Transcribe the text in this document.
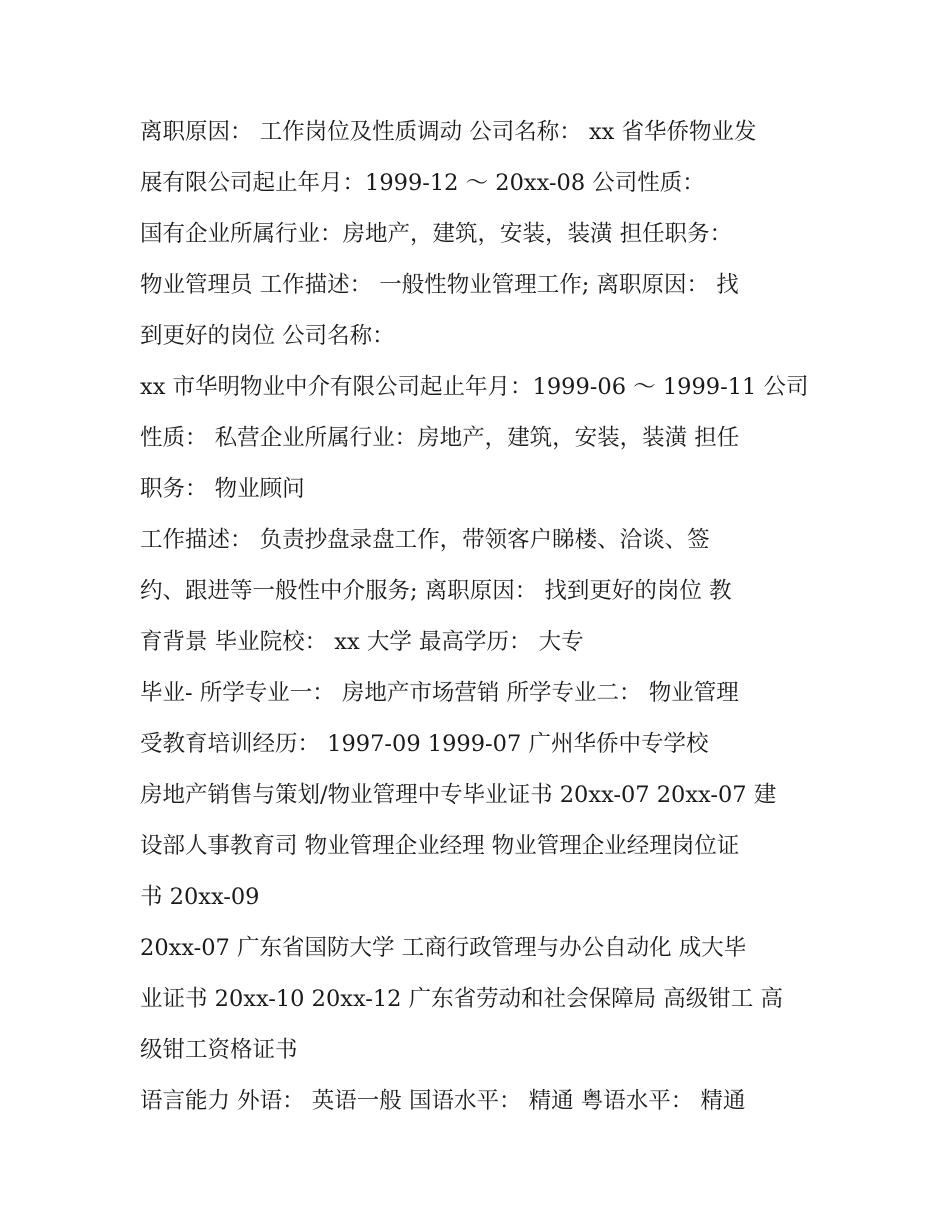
离职原因： 工作岗位及性质调动 公司名称： xx 省华侨物业发
展有限公司起止年月：1999-12 ～ 20xx-08 公司性质：
国有企业所属行业：房地产，建筑，安装，装潢 担任职务：
物业管理员 工作描述： 一般性物业管理工作; 离职原因： 找
到更好的岗位 公司名称：
xx 市华明物业中介有限公司起止年月：1999-06 ～ 1999-11 公司
性质： 私营企业所属行业：房地产，建筑，安装，装潢 担任
职务： 物业顾问
工作描述： 负责抄盘录盘工作，带领客户睇楼、洽谈、签
约、跟进等一般性中介服务; 离职原因： 找到更好的岗位 教
育背景 毕业院校： xx 大学 最高学历： 大专
毕业- 所学专业一： 房地产市场营销 所学专业二： 物业管理
受教育培训经历： 1997-09 1999-07 广州华侨中专学校
房地产销售与策划/物业管理中专毕业证书 20xx-07 20xx-07 建
设部人事教育司 物业管理企业经理 物业管理企业经理岗位证
书 20xx-09
20xx-07 广东省国防大学 工商行政管理与办公自动化 成大毕
业证书 20xx-10 20xx-12 广东省劳动和社会保障局 高级钳工 高
级钳工资格证书
语言能力 外语： 英语一般 国语水平： 精通 粤语水平： 精通
